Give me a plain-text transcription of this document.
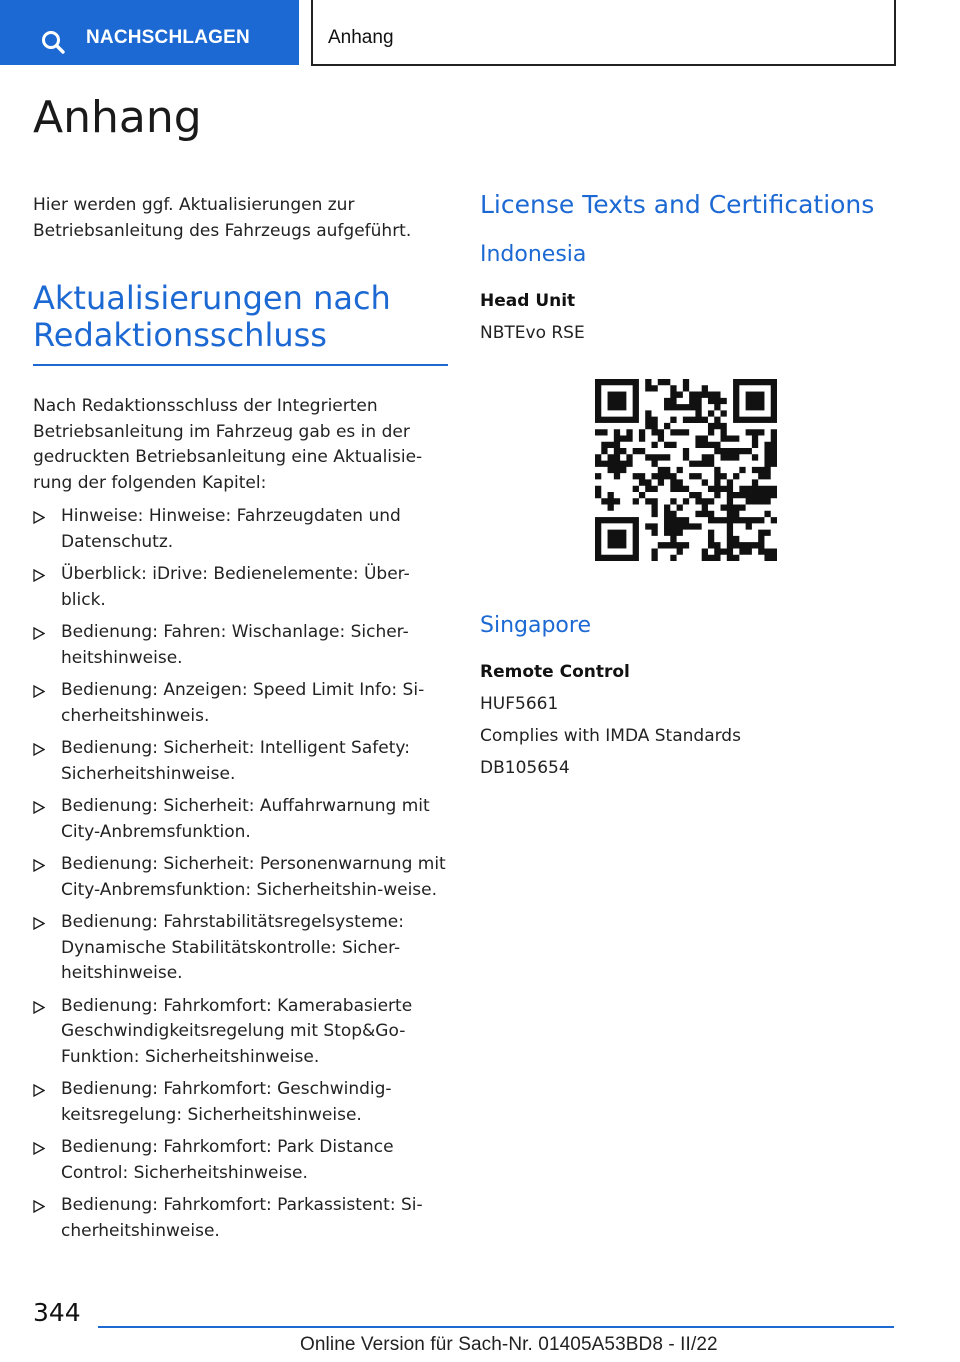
NACHSCHLAGEN	Anhang
Anhang

Hier werden ggf. Aktualisierungen zur Betriebsanleitung des Fahrzeugs aufgeführt.

Aktualisierungen nach Redaktionsschluss

Nach Redaktionsschluss der Integrierten Betriebsanleitung im Fahrzeug gab es in der gedruckten Betriebsanleitung eine Aktualisie-rung der folgenden Kapitel:

Hinweise: Hinweise: Fahrzeugdaten und Datenschutz.
Überblick: iDrive: Bedienelemente: Über-blick.
Bedienung: Fahren: Wischanlage: Sicher-heitshinweise.
Bedienung: Anzeigen: Speed Limit Info: Si-cherheitshinweis.
Bedienung: Sicherheit: Intelligent Safety: Sicherheitshinweise.
Bedienung: Sicherheit: Auffahrwarnung mit City-Anbremsfunktion.
Bedienung: Sicherheit: Personenwarnung mit City-Anbremsfunktion: Sicherheitshin-weise.
Bedienung: Fahrstabilitätsregelsysteme: Dynamische Stabilitätskontrolle: Sicher-heitshinweise.
Bedienung: Fahrkomfort: Kamerabasierte Geschwindigkeitsregelung mit Stop&Go-Funktion: Sicherheitshinweise.
Bedienung: Fahrkomfort: Geschwindig-keitsregelung: Sicherheitshinweise.
Bedienung: Fahrkomfort: Park Distance Control: Sicherheitshinweise.
Bedienung: Fahrkomfort: Parkassistent: Si-cherheitshinweise.
License Texts and Certifications
Indonesia
Head Unit
NBTEvo RSE
Singapore
Remote Control
HUF5661
Complies with IMDA Standards
DB105654
344
Online Version für Sach-Nr. 01405A53BD8 - II/22
